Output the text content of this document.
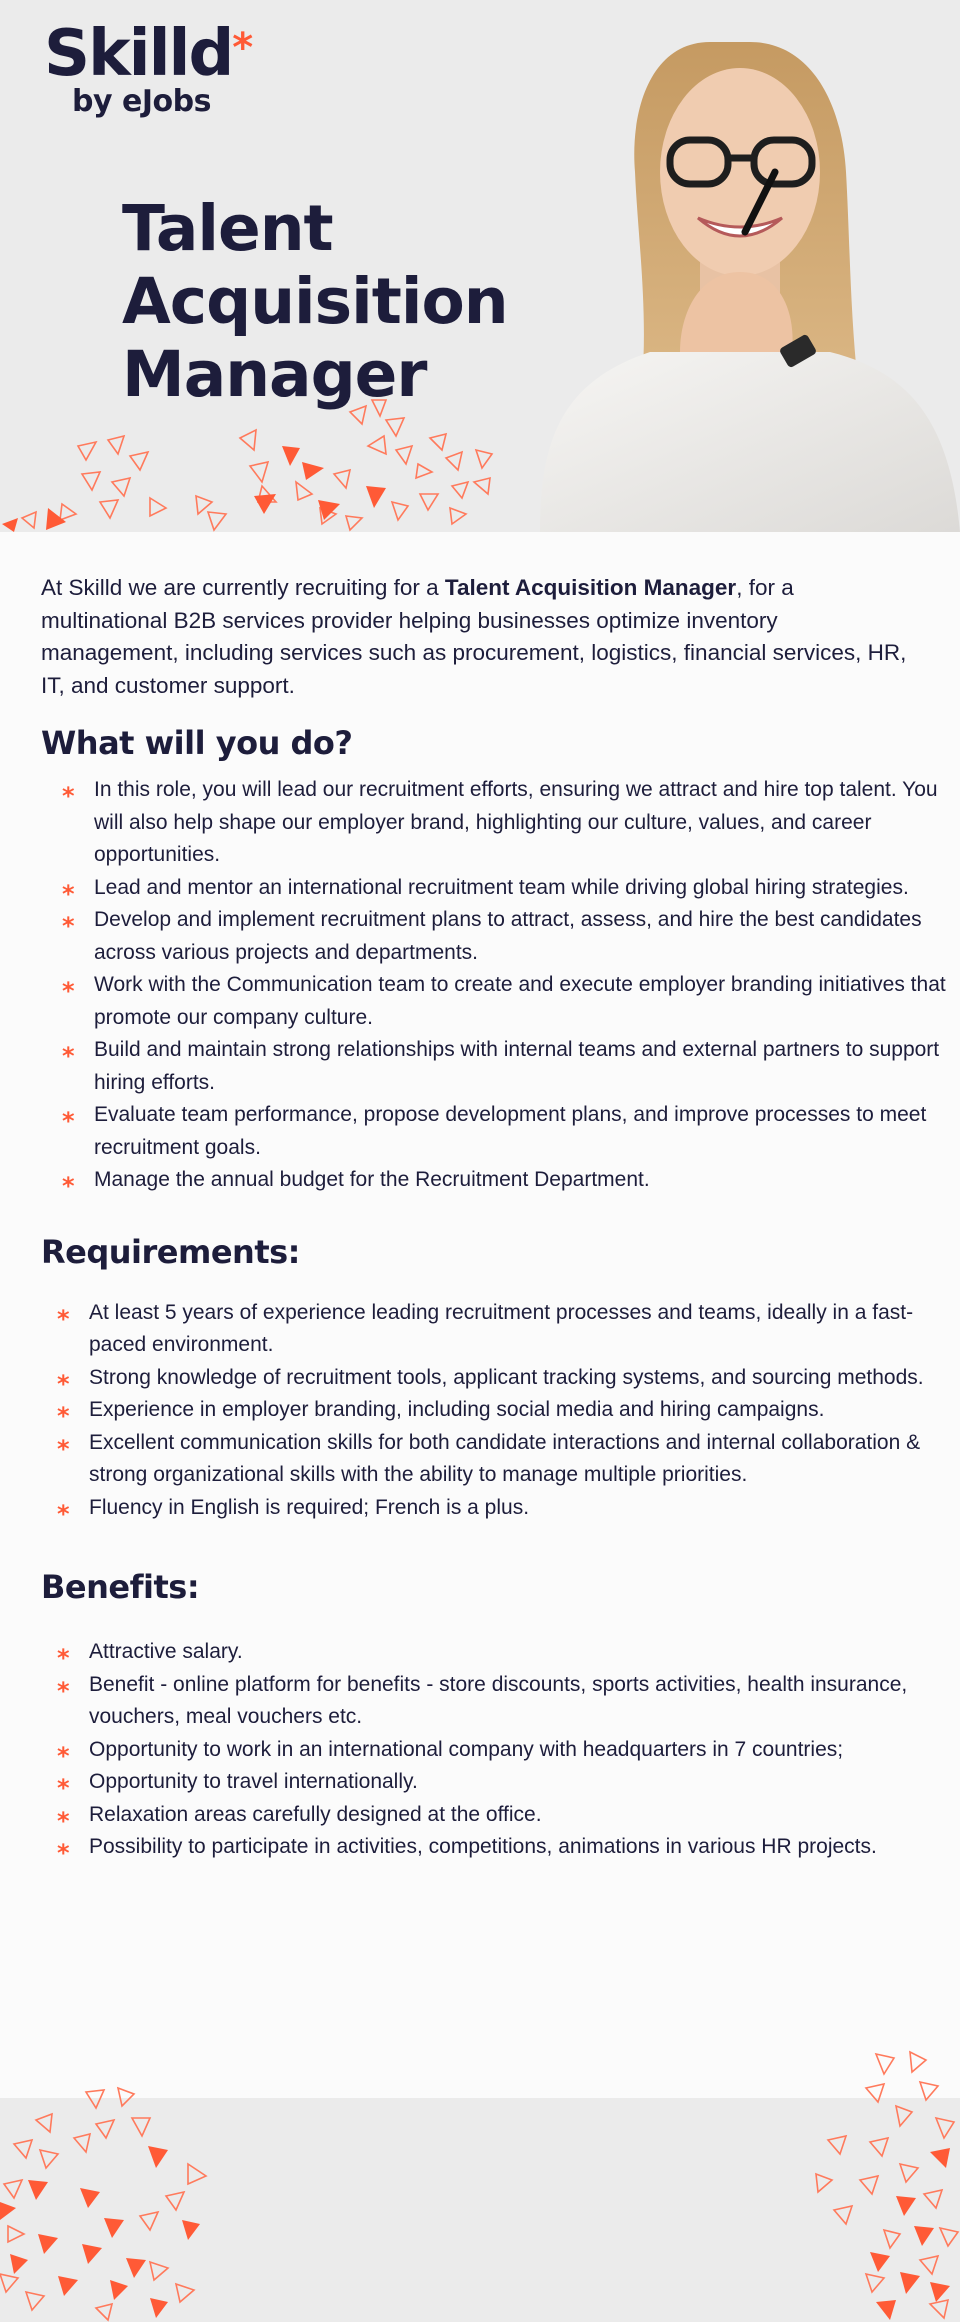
Skilld*
by eJobs
Talent
Acquisition
Manager

At Skilld we are currently recruiting for a Talent Acquisition Manager, for a multinational B2B services provider helping businesses optimize inventory management, including services such as procurement, logistics, financial services, HR, IT, and customer support.

What will you do?
* In this role, you will lead our recruitment efforts, ensuring we attract and hire top talent. You will also help shape our employer brand, highlighting our culture, values, and career opportunities.
* Lead and mentor an international recruitment team while driving global hiring strategies.
* Develop and implement recruitment plans to attract, assess, and hire the best candidates across various projects and departments.
* Work with the Communication team to create and execute employer branding initiatives that promote our company culture.
* Build and maintain strong relationships with internal teams and external partners to support hiring efforts.
* Evaluate team performance, propose development plans, and improve processes to meet recruitment goals.
* Manage the annual budget for the Recruitment Department.
Requirements:
* At least 5 years of experience leading recruitment processes and teams, ideally in a fast-paced environment.
* Strong knowledge of recruitment tools, applicant tracking systems, and sourcing methods.
* Experience in employer branding, including social media and hiring campaigns.
* Excellent communication skills for both candidate interactions and internal collaboration & strong organizational skills with the ability to manage multiple priorities.
* Fluency in English is required; French is a plus.
Benefits:
* Attractive salary.
* Benefit - online platform for benefits - store discounts, sports activities, health insurance, vouchers, meal vouchers etc.
* Opportunity to work in an international company with headquarters in 7 countries;
* Opportunity to travel internationally.
* Relaxation areas carefully designed at the office.
* Possibility to participate in activities, competitions, animations in various HR projects.
